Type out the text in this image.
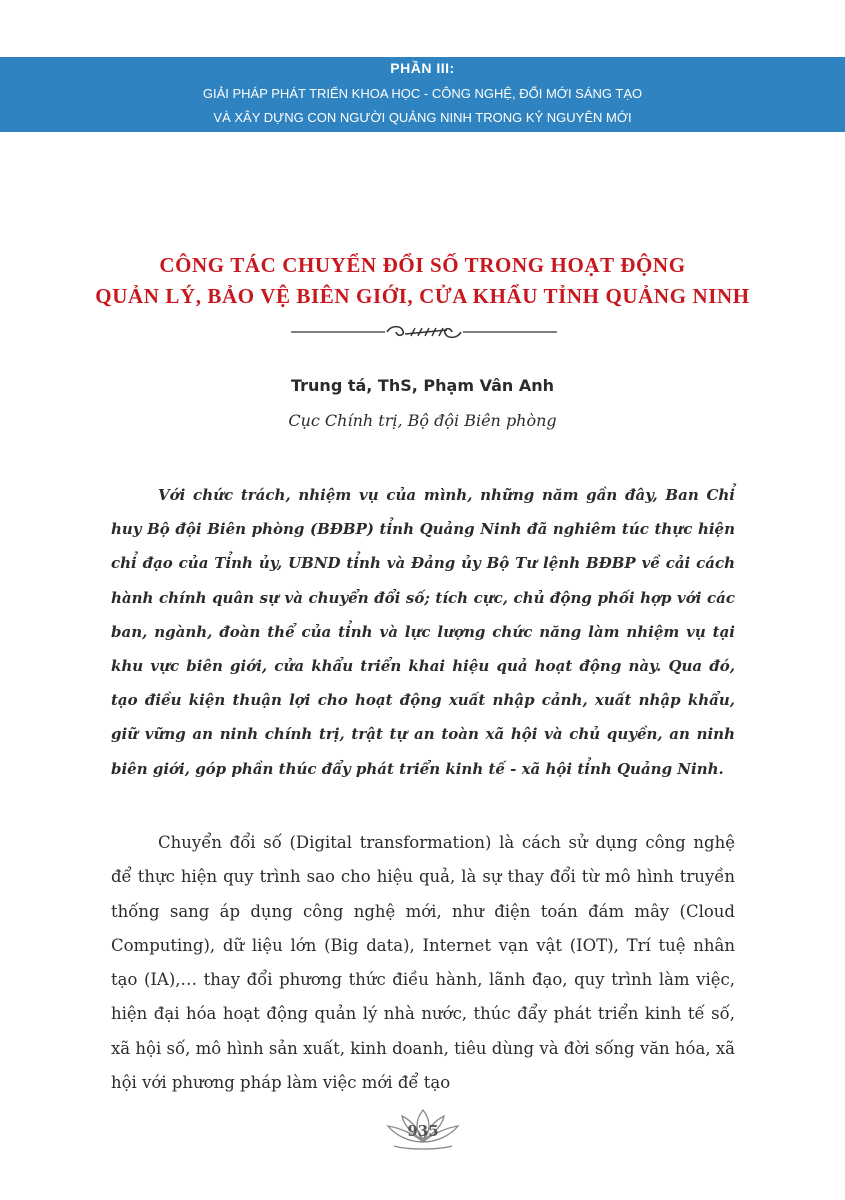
PHẦN III:
GIẢI PHÁP PHÁT TRIỂN KHOA HỌC - CÔNG NGHỆ, ĐỔI MỚI SÁNG TẠO
VÀ XÂY DỰNG CON NGƯỜI QUẢNG NINH TRONG KỶ NGUYÊN MỚI
CÔNG TÁC CHUYỂN ĐỔI SỐ TRONG HOẠT ĐỘNG
QUẢN LÝ, BẢO VỆ BIÊN GIỚI, CỬA KHẨU TỈNH QUẢNG NINH
Trung tá, ThS, Phạm Vân Anh
Cục Chính trị, Bộ đội Biên phòng

Với chức trách, nhiệm vụ của mình, những năm gần đây, Ban Chỉ huy Bộ đội Biên phòng (BĐBP) tỉnh Quảng Ninh đã nghiêm túc thực hiện chỉ đạo của Tỉnh ủy, UBND tỉnh và Đảng ủy Bộ Tư lệnh BĐBP về cải cách hành chính quân sự và chuyển đổi số; tích cực, chủ động phối hợp với các ban, ngành, đoàn thể của tỉnh và lực lượng chức năng làm nhiệm vụ tại khu vực biên giới, cửa khẩu triển khai hiệu quả hoạt động này. Qua đó, tạo điều kiện thuận lợi cho hoạt động xuất nhập cảnh, xuất nhập khẩu, giữ vững an ninh chính trị, trật tự an toàn xã hội và chủ quyền, an ninh biên giới, góp phần thúc đẩy phát triển kinh tế - xã hội tỉnh Quảng Ninh.

Chuyển đổi số (Digital transformation) là cách sử dụng công nghệ để thực hiện quy trình sao cho hiệu quả, là sự thay đổi từ mô hình truyền thống sang áp dụng công nghệ mới, như điện toán đám mây (Cloud Computing), dữ liệu lớn (Big data), Internet vạn vật (IOT), Trí tuệ nhân tạo (IA),… thay đổi phương thức điều hành, lãnh đạo, quy trình làm việc, hiện đại hóa hoạt động quản lý nhà nước, thúc đẩy phát triển kinh tế số, xã hội số, mô hình sản xuất, kinh doanh, tiêu dùng và đời sống văn hóa, xã hội với phương pháp làm việc mới để tạo

935
